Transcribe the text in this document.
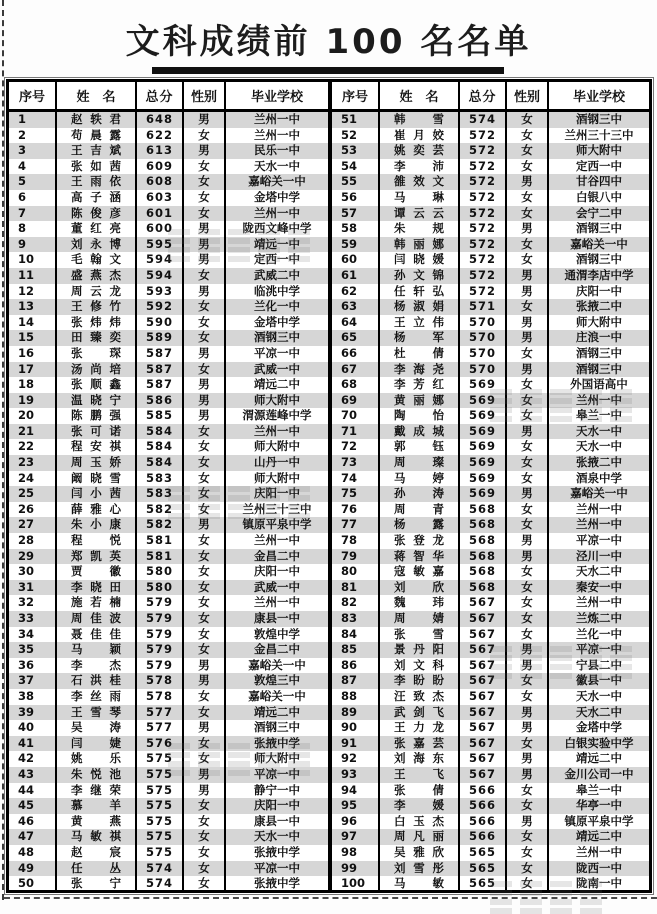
文科成绩前 100 名名单
序号	姓　名	总分	性别	毕业学校
1	赵轶君	648	男	兰州一中
2	苟晨露	622	女	兰州一中
3	王吉斌	613	男	民乐一中
4	张如茜	609	女	天水一中
5	王雨依	608	女	嘉峪关一中
6	高子涵	603	女	金塔中学
7	陈俊彦	601	女	兰州一中
8	董红亮	600	男	陇西文峰中学
9	刘永博	595	男	靖远一中
10	毛翰文	594	男	定西一中
11	盛燕杰	594	女	武威二中
12	周云龙	593	男	临洮中学
13	王修竹	592	女	兰化一中
14	张炜炜	590	女	金塔中学
15	田臻奕	589	女	酒钢三中
16	张琛	587	男	平凉一中
17	汤尚培	587	女	武威一中
18	张顺鑫	587	男	靖远二中
19	温晓宁	586	男	师大附中
20	陈鹏强	585	男	渭源莲峰中学
21	张可诺	584	女	兰州一中
22	程安祺	584	女	师大附中
23	周玉娇	584	女	山丹一中
24	阚晓雪	583	女	师大附中
25	闫小茜	583	女	庆阳一中
26	薛雅心	582	女	兰州三十三中
27	朱小康	582	男	镇原平泉中学
28	程悦	581	女	兰州一中
29	郑凯英	581	女	金昌二中
30	贾徽	580	女	庆阳一中
31	李晓田	580	女	武威一中
32	施若楠	579	女	兰州一中
33	周佳波	579	女	康县一中
34	聂佳佳	579	女	敦煌中学
35	马颖	579	女	金昌二中
36	李杰	579	男	嘉峪关一中
37	石洪桂	578	男	敦煌三中
38	李丝雨	578	女	嘉峪关一中
39	王雪琴	577	女	靖远二中
40	吴涛	577	男	酒钢三中
41	闫婕	576	女	张掖中学
42	姚乐	575	女	师大附中
43	朱悦池	575	男	平凉一中
44	李继荣	575	男	静宁一中
45	慕羊	575	女	庆阳一中
46	黄燕	575	女	康县一中
47	马敏祺	575	女	天水一中
48	赵宸	575	女	张掖中学
49	任丛	574	女	平凉一中
50	张宁	574	女	张掖中学
序号	姓　名	总分	性别	毕业学校
51	韩雪	574	女	酒钢三中
52	崔月姣	572	女	兰州三十三中
53	姚奕芸	572	女	师大附中
54	李沛	572	女	定西一中
55	雒效文	572	男	甘谷四中
56	马琳	572	女	白银八中
57	谭云云	572	女	会宁二中
58	朱规	572	男	酒钢三中
59	韩丽娜	572	女	嘉峪关一中
60	闫晓媛	572	女	酒钢三中
61	孙文锦	572	男	通渭李店中学
62	任轩弘	572	男	庆阳一中
63	杨淑娟	571	女	张掖二中
64	王立伟	570	男	师大附中
65	杨军	570	男	庄浪一中
66	杜倩	570	女	酒钢三中
67	李海尧	570	男	酒钢三中
68	李芳红	569	女	外国语高中
69	黄丽娜	569	女	兰州一中
70	陶怡	569	女	皋兰一中
71	戴成城	569	男	天水一中
72	郭钰	569	女	天水一中
73	周璨	569	女	张掖二中
74	马婷	569	女	酒泉中学
75	孙涛	569	男	嘉峪关一中
76	周青	568	女	兰州一中
77	杨露	568	女	兰州一中
78	张登龙	568	男	平凉一中
79	蒋智华	568	男	泾川一中
80	寇敏嘉	568	女	天水二中
81	刘欣	568	女	秦安一中
82	魏玮	567	女	兰州一中
83	周婧	567	女	兰炼二中
84	张雪	567	女	兰化一中
85	景丹阳	567	男	平凉一中
86	刘文科	567	男	宁县二中
87	李盼盼	567	女	徽县一中
88	汪致杰	567	女	天水一中
89	武剑飞	567	男	天水二中
90	王力龙	567	男	金塔中学
91	张嘉芸	567	女	白银实验中学
92	刘海东	567	男	靖远二中
93	王飞	567	男	金川公司一中
94	张倩	566	女	皋兰一中
95	李媛	566	女	华亭一中
96	白玉杰	566	男	镇原平泉中学
97	周凡丽	566	女	靖远二中
98	吴雅欣	565	女	兰州一中
99	刘雪彤	565	女	陇西一中
100	马敏	565	女	陇南一中
